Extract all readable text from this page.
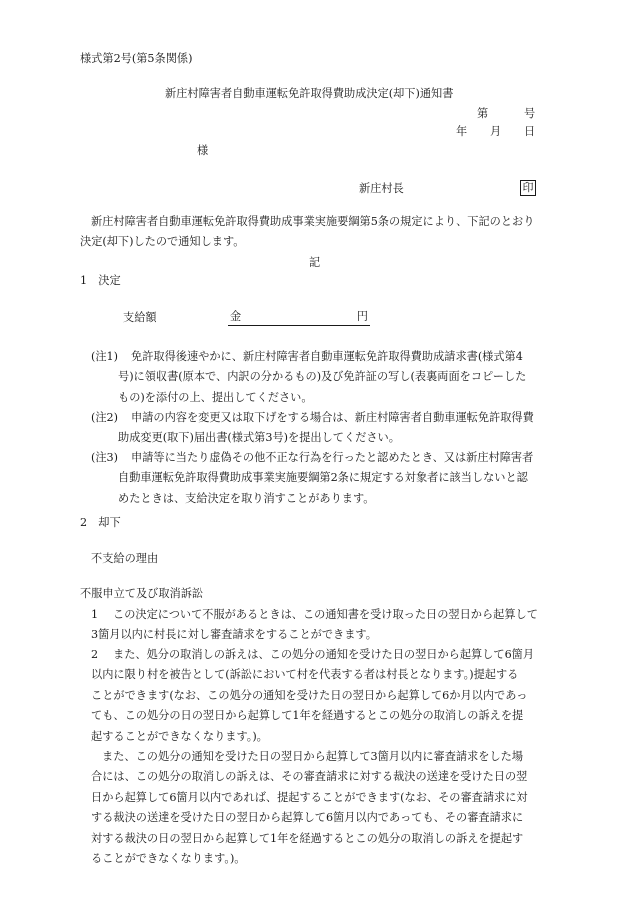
様式第2号(第5条関係)
新庄村障害者自動車運転免許取得費助成決定(却下)通知書
第	号
年 月 日
様
新庄村長	印
新庄村障害者自動車運転免許取得費助成事業実施要綱第5条の規定により、下記のとおり
決定(却下)したので通知します。
記
1　決定
支給額	金	円
(注1) 免許取得後速やかに、新庄村障害者自動車運転免許取得費助成請求書(様式第4
号)に領収書(原本で、内訳の分かるもの)及び免許証の写し(表裏両面をコピーした
もの)を添付の上、提出してください。
(注2) 申請の内容を変更又は取下げをする場合は、新庄村障害者自動車運転免許取得費
助成変更(取下)届出書(様式第3号)を提出してください。
(注3) 申請等に当たり虚偽その他不正な行為を行ったと認めたとき、又は新庄村障害者
自動車運転免許取得費助成事業実施要綱第2条に規定する対象者に該当しないと認
めたときは、支給決定を取り消すことがあります。
2　却下
不支給の理由
不服申立て及び取消訴訟
1 この決定について不服があるときは、この通知書を受け取った日の翌日から起算して
3箇月以内に村長に対し審査請求をすることができます。
2 また、処分の取消しの訴えは、この処分の通知を受けた日の翌日から起算して6箇月
以内に限り村を被告として(訴訟において村を代表する者は村長となります。)提起する
ことができます(なお、この処分の通知を受けた日の翌日から起算して6か月以内であっ
ても、この処分の日の翌日から起算して1年を経過するとこの処分の取消しの訴えを提
起することができなくなります。)。
また、この処分の通知を受けた日の翌日から起算して3箇月以内に審査請求をした場
合には、この処分の取消しの訴えは、その審査請求に対する裁決の送達を受けた日の翌
日から起算して6箇月以内であれば、提起することができます(なお、その審査請求に対
する裁決の送達を受けた日の翌日から起算して6箇月以内であっても、その審査請求に
対する裁決の日の翌日から起算して1年を経過するとこの処分の取消しの訴えを提起す
ることができなくなります。)。
